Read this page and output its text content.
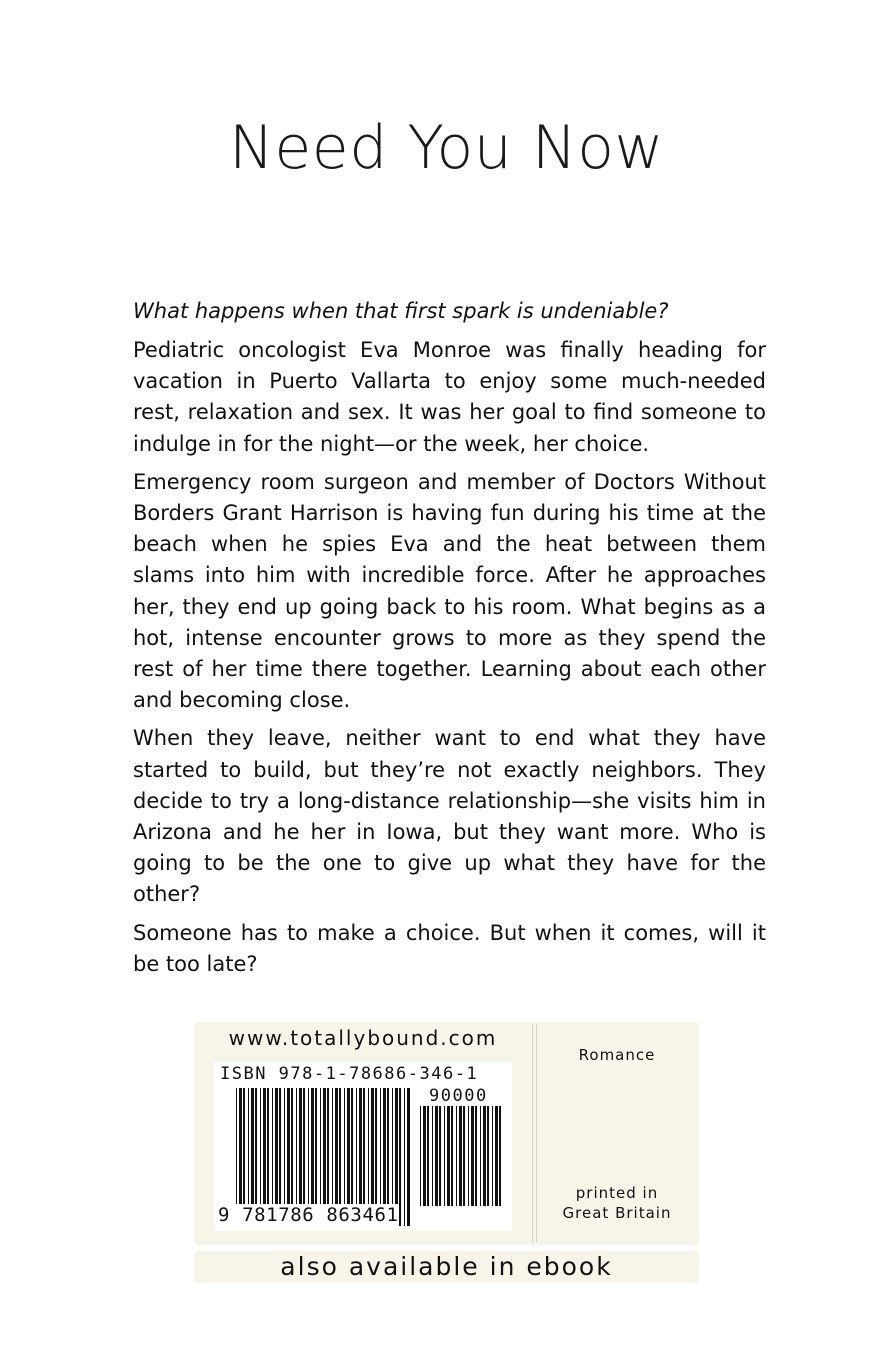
Need You Now

What happens when that first spark is undeniable?

Pediatric oncologist Eva Monroe was finally heading for vacation in Puerto Vallarta to enjoy some much-needed rest, relaxation and sex. It was her goal to find someone to indulge in for the night—or the week, her choice.

Emergency room surgeon and member of Doctors Without Borders Grant Harrison is having fun during his time at the beach when he spies Eva and the heat between them slams into him with incredible force. After he approaches her, they end up going back to his room. What begins as a hot, intense encounter grows to more as they spend the rest of her time there together. Learning about each other and becoming close.

When they leave, neither want to end what they have started to build, but they’re not exactly neighbors. They decide to try a long-distance relationship—she visits him in Arizona and he her in Iowa, but they want more. Who is going to be the one to give up what they have for the other?

Someone has to make a choice. But when it comes, will it be too late?

www.totallybound.com
ISBN 978-1-78686-346-1
90000
9 781786 863461
Romance
printed in
Great Britain
also available in ebook
